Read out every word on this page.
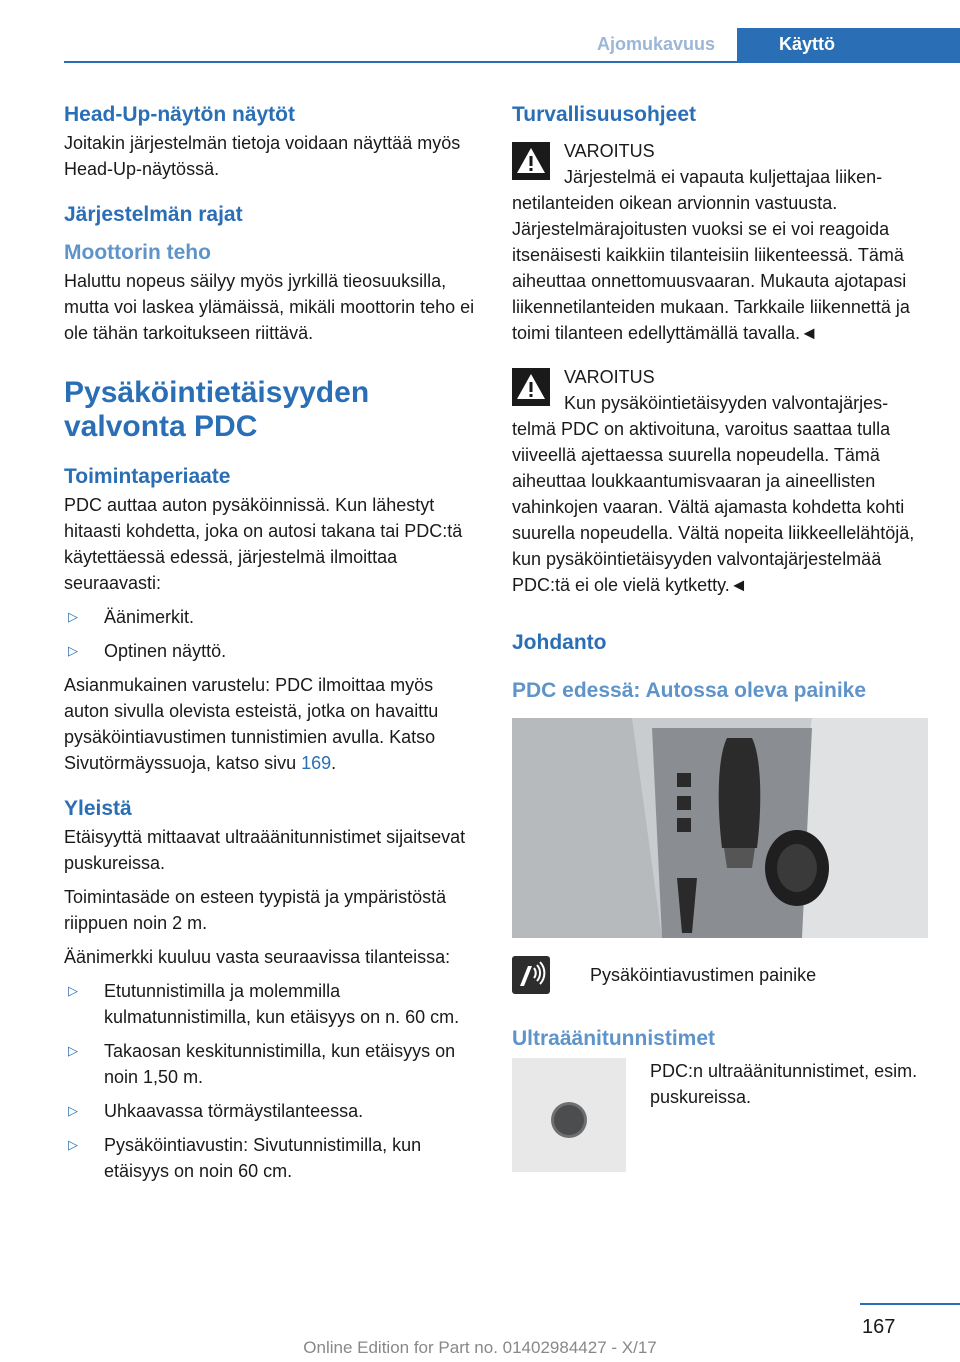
Ajomukavuus	Käyttö
Head-Up-näytön näytöt

Joitakin järjestelmän tietoja voidaan näyttää myös Head-Up-näytössä.

Järjestelmän rajat
Moottorin teho

Haluttu nopeus säilyy myös jyrkillä tieosuuksilla, mutta voi laskea ylämäissä, mikäli moottorin teho ei ole tähän tarkoitukseen riittävä.

Pysäköintietäisyyden
valvonta PDC
Toimintaperiaate

PDC auttaa auton pysäköinnissä. Kun lähestyt hitaasti kohdetta, joka on autosi takana tai PDC:tä käytettäessä edessä, järjestelmä ilmoittaa seuraavasti:

▷	Äänimerkit.
▷	Optinen näyttö.

Asianmukainen varustelu: PDC ilmoittaa myös auton sivulla olevista esteistä, jotka on havaittu pysäköintiavustimen tunnistimien avulla. Katso Sivutörmäyssuoja, katso sivu 169.

Yleistä

Etäisyyttä mittaavat ultraäänitunnistimet sijaitsevat puskureissa.

Toimintasäde on esteen tyypistä ja ympäristöstä riippuen noin 2 m.

Äänimerkki kuuluu vasta seuraavissa tilanteissa:

▷	Etutunnistimilla ja molemmilla kulmatunnistimilla, kun etäisyys on n. 60 cm.
▷	Takaosan keskitunnistimilla, kun etäisyys on noin 1,50 m.
▷	Uhkaavassa törmäystilanteessa.
▷	Pysäköintiavustin: Sivutunnistimilla, kun etäisyys on noin 60 cm.
Turvallisuusohjeet

VAROITUS

Järjestelmä ei vapauta kuljettajaa liiken-

netilanteiden oikean arvionnin vastuusta. Järjestelmärajoitusten vuoksi se ei voi reagoida itsenäisesti kaikkiin tilanteisiin liikenteessä. Tämä aiheuttaa onnettomuusvaaran. Mukauta ajotapasi liikennetilanteiden mukaan. Tarkkaile liikennettä ja toimi tilanteen edellyttämällä tavalla.◄

VAROITUS

Kun pysäköintietäisyyden valvontajärjes-

telmä PDC on aktivoituna, varoitus saattaa tulla viiveellä ajettaessa suurella nopeudella. Tämä aiheuttaa loukkaantumisvaaran ja aineellisten vahinkojen vaaran. Vältä ajamasta kohdetta kohti suurella nopeudella. Vältä nopeita liikkeellelähtöjä, kun pysäköintietäisyyden valvontajärjestelmää PDC:tä ei ole vielä kytketty.◄

Johdanto
PDC edessä: Autossa oleva painike

Pysäköintiavustimen painike

Ultraäänitunnistimet

PDC:n ultraäänitunnistimet, esim. puskureissa.

167
Online Edition for Part no. 01402984427 - X/17
